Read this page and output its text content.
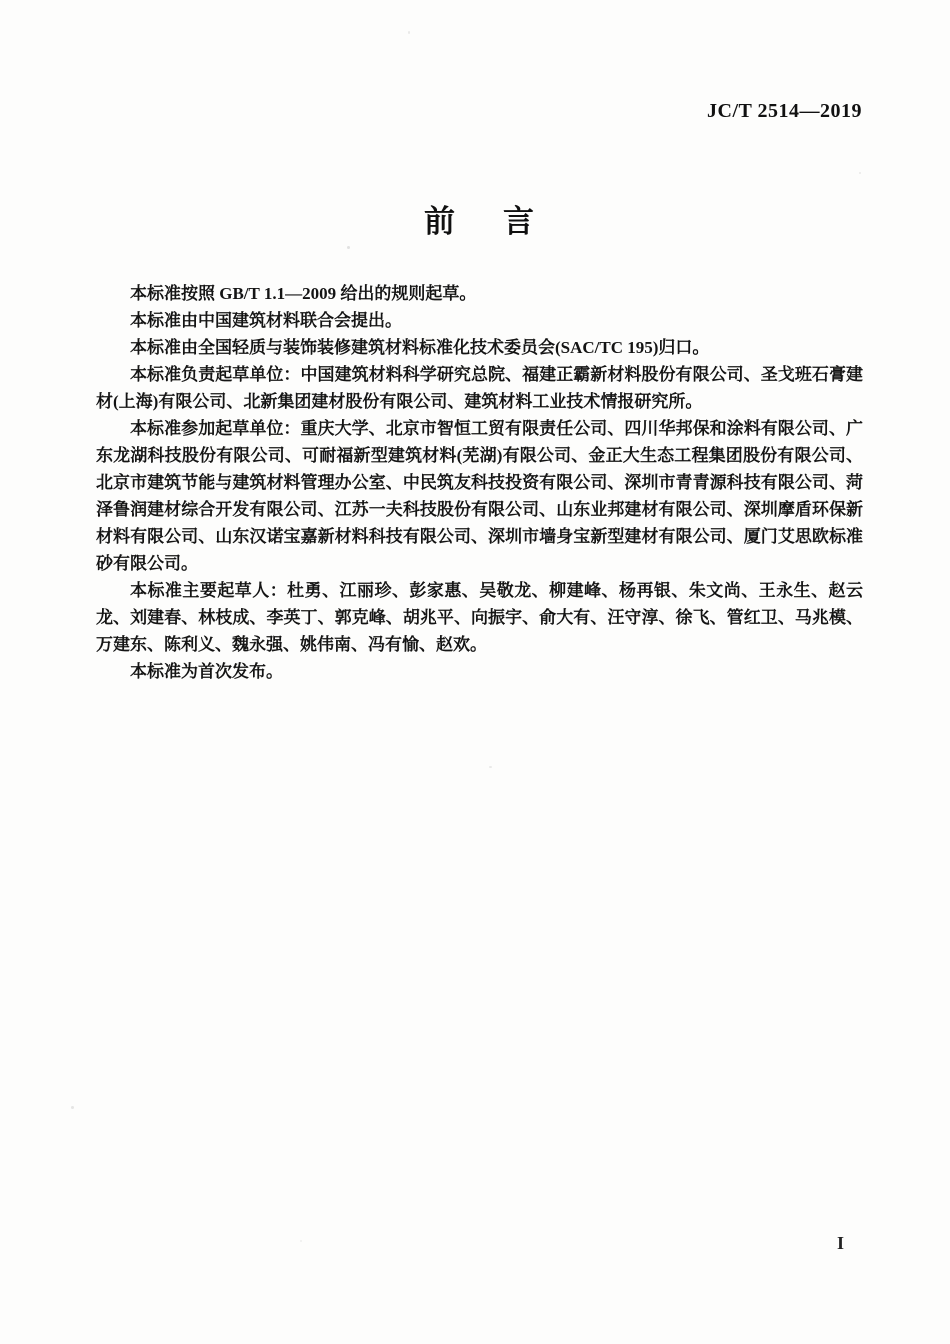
JC/T 2514—2019
前 言

本标准按照 GB/T 1.1—2009 给出的规则起草。

本标准由中国建筑材料联合会提出。

本标准由全国轻质与装饰装修建筑材料标准化技术委员会(SAC/TC 195)归口。

本标准负责起草单位：中国建筑材料科学研究总院、福建正霸新材料股份有限公司、圣戈班石膏建材(上海)有限公司、北新集团建材股份有限公司、建筑材料工业技术情报研究所。

本标准参加起草单位：重庆大学、北京市智恒工贸有限责任公司、四川华邦保和涂料有限公司、广东龙湖科技股份有限公司、可耐福新型建筑材料(芜湖)有限公司、金正大生态工程集团股份有限公司、北京市建筑节能与建筑材料管理办公室、中民筑友科技投资有限公司、深圳市青青源科技有限公司、菏泽鲁润建材综合开发有限公司、江苏一夫科技股份有限公司、山东业邦建材有限公司、深圳摩盾环保新材料有限公司、山东汉诺宝嘉新材料科技有限公司、深圳市墙身宝新型建材有限公司、厦门艾思欧标准砂有限公司。

本标准主要起草人：杜勇、江丽珍、彭家惠、吴敬龙、柳建峰、杨再银、朱文尚、王永生、赵云龙、刘建春、林枝成、李英丁、郭克峰、胡兆平、向振宇、俞大有、汪守淳、徐飞、管红卫、马兆模、万建东、陈利义、魏永强、姚伟南、冯有愉、赵欢。

本标准为首次发布。

I
